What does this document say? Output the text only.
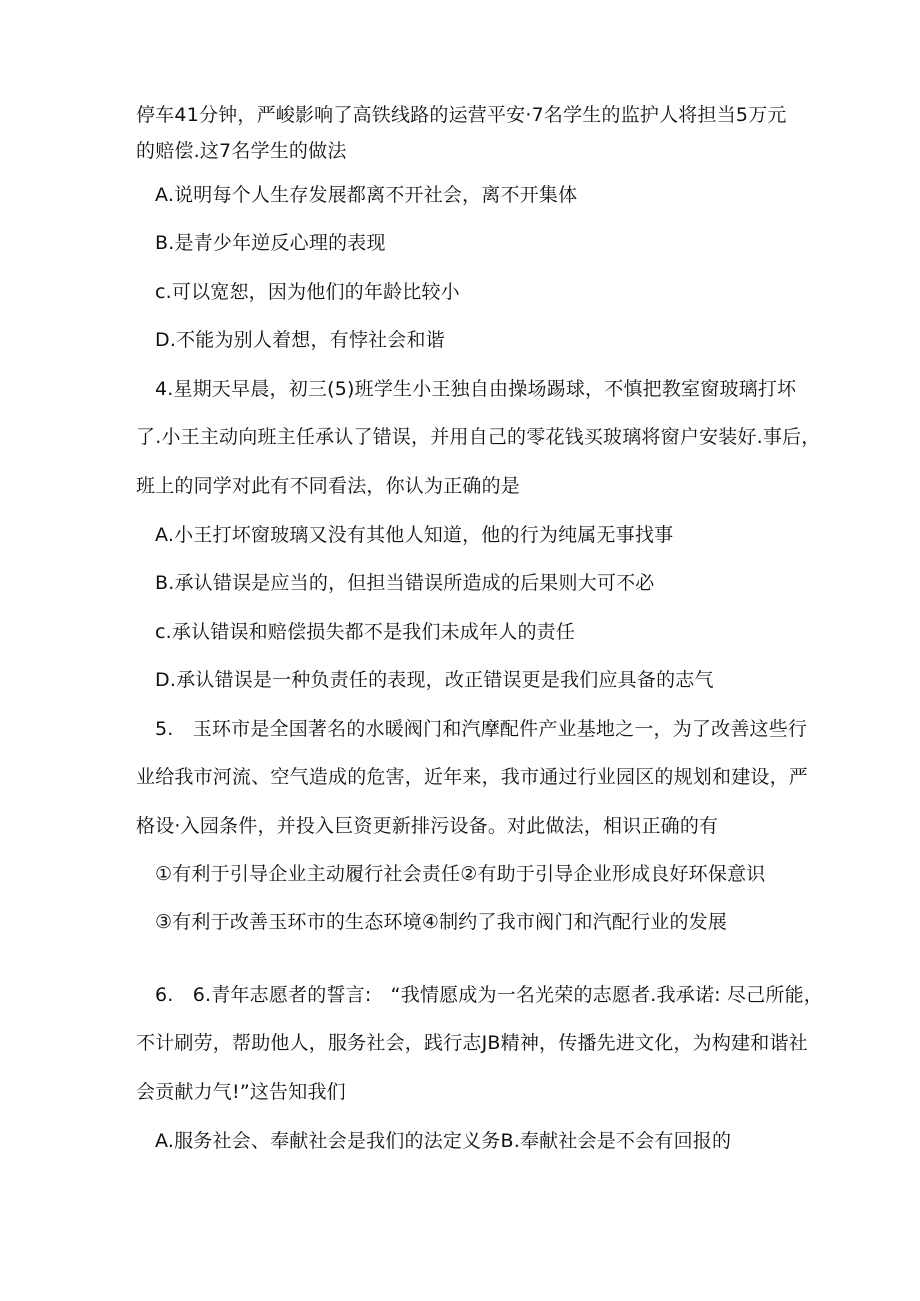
停车41分钟，严峻影响了高铁线路的运营平安·7名学生的监护人将担当5万元
的赔偿.这7名学生的做法
A.说明每个人生存发展都离不开社会，离不开集体
B.是青少年逆反心理的表现
c.可以宽恕，因为他们的年龄比较小
D.不能为别人着想，有悖社会和谐
4.星期天早晨，初三(5)班学生小王独自由操场踢球，不慎把教室窗玻璃打坏
了.小王主动向班主任承认了错误，并用自己的零花钱买玻璃将窗户安装好.事后，
班上的同学对此有不同看法，你认为正确的是
A.小王打坏窗玻璃又没有其他人知道，他的行为纯属无事找事
B.承认错误是应当的，但担当错误所造成的后果则大可不必
c.承认错误和赔偿损失都不是我们未成年人的责任
D.承认错误是一种负责任的表现，改正错误更是我们应具备的志气
5.　玉环市是全国著名的水暖阀门和汽摩配件产业基地之一，为了改善这些行
业给我市河流、空气造成的危害，近年来，我市通过行业园区的规划和建设，严
格设·入园条件，并投入巨资更新排污设备。对此做法，相识正确的有
①有利于引导企业主动履行社会责任②有助于引导企业形成良好环保意识
③有利于改善玉环市的生态环境④制约了我市阀门和汽配行业的发展
6.　6.青年志愿者的誓言:　“我情愿成为一名光荣的志愿者.我承诺: 尽己所能，
不计刷劳，帮助他人，服务社会，践行志JB精神，传播先进文化，为构建和谐社
会贡献力气!”这告知我们
A.服务社会、奉献社会是我们的法定义务B.奉献社会是不会有回报的
